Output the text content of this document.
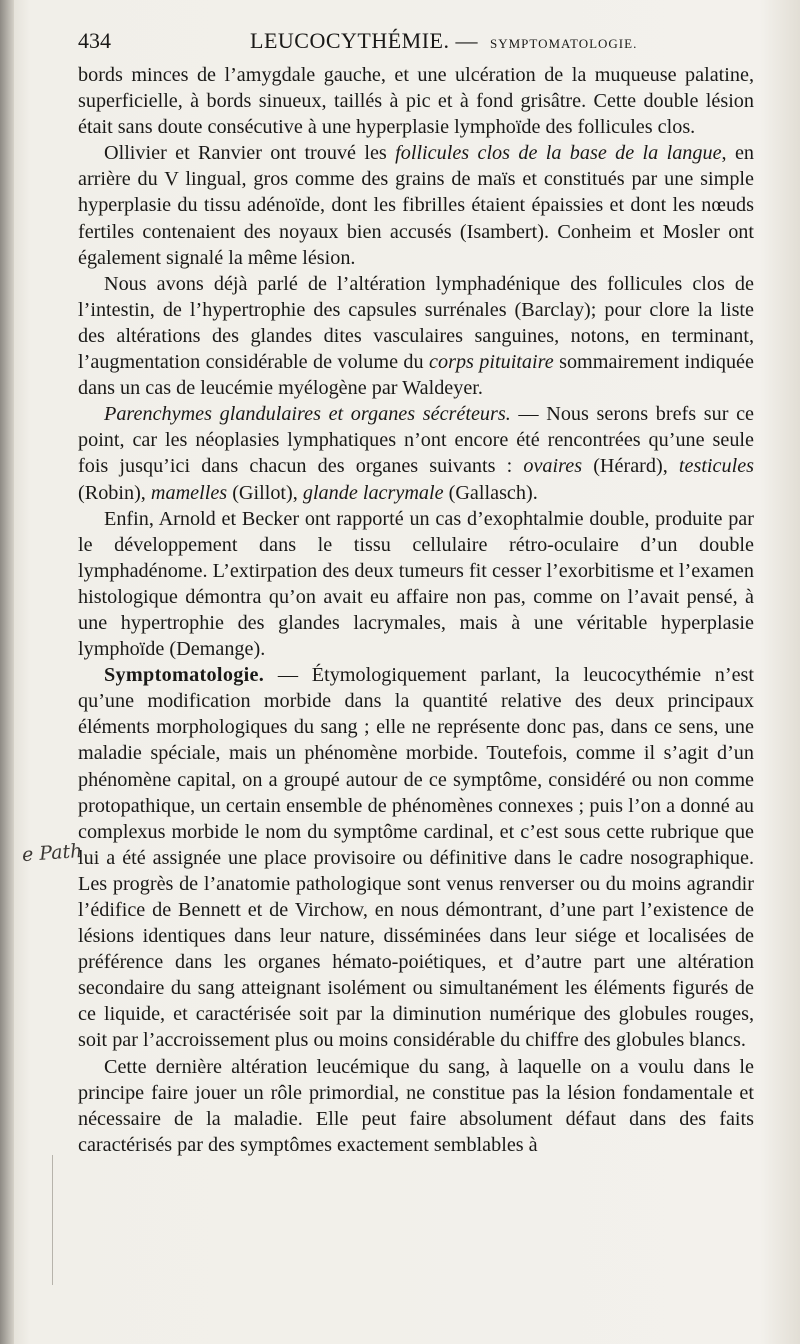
434	LEUCOCYTHÉMIE. — SYMPTOMATOLOGIE.
e Path

bords minces de l’amygdale gauche, et une ulcération de la muqueuse palatine, superficielle, à bords sinueux, taillés à pic et à fond grisâtre. Cette double lésion était sans doute consécutive à une hyperplasie lymphoïde des follicules clos.

Ollivier et Ranvier ont trouvé les follicules clos de la base de la langue, en arrière du V lingual, gros comme des grains de maïs et constitués par une simple hyperplasie du tissu adénoïde, dont les fibrilles étaient épaissies et dont les nœuds fertiles contenaient des noyaux bien accusés (Isambert). Conheim et Mosler ont également signalé la même lésion.

Nous avons déjà parlé de l’altération lymphadénique des follicules clos de l’intestin, de l’hypertrophie des capsules surrénales (Barclay); pour clore la liste des altérations des glandes dites vasculaires sanguines, notons, en terminant, l’augmentation considérable de volume du corps pituitaire sommairement indiquée dans un cas de leucémie myélogène par Waldeyer.

Parenchymes glandulaires et organes sécréteurs. — Nous serons brefs sur ce point, car les néoplasies lymphatiques n’ont encore été rencontrées qu’une seule fois jusqu’ici dans chacun des organes suivants : ovaires (Hérard), testicules (Robin), mamelles (Gillot), glande lacrymale (Gallasch).

Enfin, Arnold et Becker ont rapporté un cas d’exophtalmie double, produite par le développement dans le tissu cellulaire rétro-oculaire d’un double lymphadénome. L’extirpation des deux tumeurs fit cesser l’exorbitisme et l’examen histologique démontra qu’on avait eu affaire non pas, comme on l’avait pensé, à une hypertrophie des glandes lacrymales, mais à une véritable hyperplasie lymphoïde (Demange).

Symptomatologie. — Étymologiquement parlant, la leucocythémie n’est qu’une modification morbide dans la quantité relative des deux principaux éléments morphologiques du sang ; elle ne représente donc pas, dans ce sens, une maladie spéciale, mais un phénomène morbide. Toutefois, comme il s’agit d’un phénomène capital, on a groupé autour de ce symptôme, considéré ou non comme protopathique, un certain ensemble de phénomènes connexes ; puis l’on a donné au complexus morbide le nom du symptôme cardinal, et c’est sous cette rubrique que lui a été assignée une place provisoire ou définitive dans le cadre nosographique. Les progrès de l’anatomie pathologique sont venus renverser ou du moins agrandir l’édifice de Bennett et de Virchow, en nous démontrant, d’une part l’existence de lésions identiques dans leur nature, disséminées dans leur siége et localisées de préférence dans les organes hémato-poiétiques, et d’autre part une altération secondaire du sang atteignant isolément ou simultanément les éléments figurés de ce liquide, et caractérisée soit par la diminution numérique des globules rouges, soit par l’accroissement plus ou moins considérable du chiffre des globules blancs.

Cette dernière altération leucémique du sang, à laquelle on a voulu dans le principe faire jouer un rôle primordial, ne constitue pas la lésion fondamentale et nécessaire de la maladie. Elle peut faire absolument défaut dans des faits caractérisés par des symptômes exactement semblables à
